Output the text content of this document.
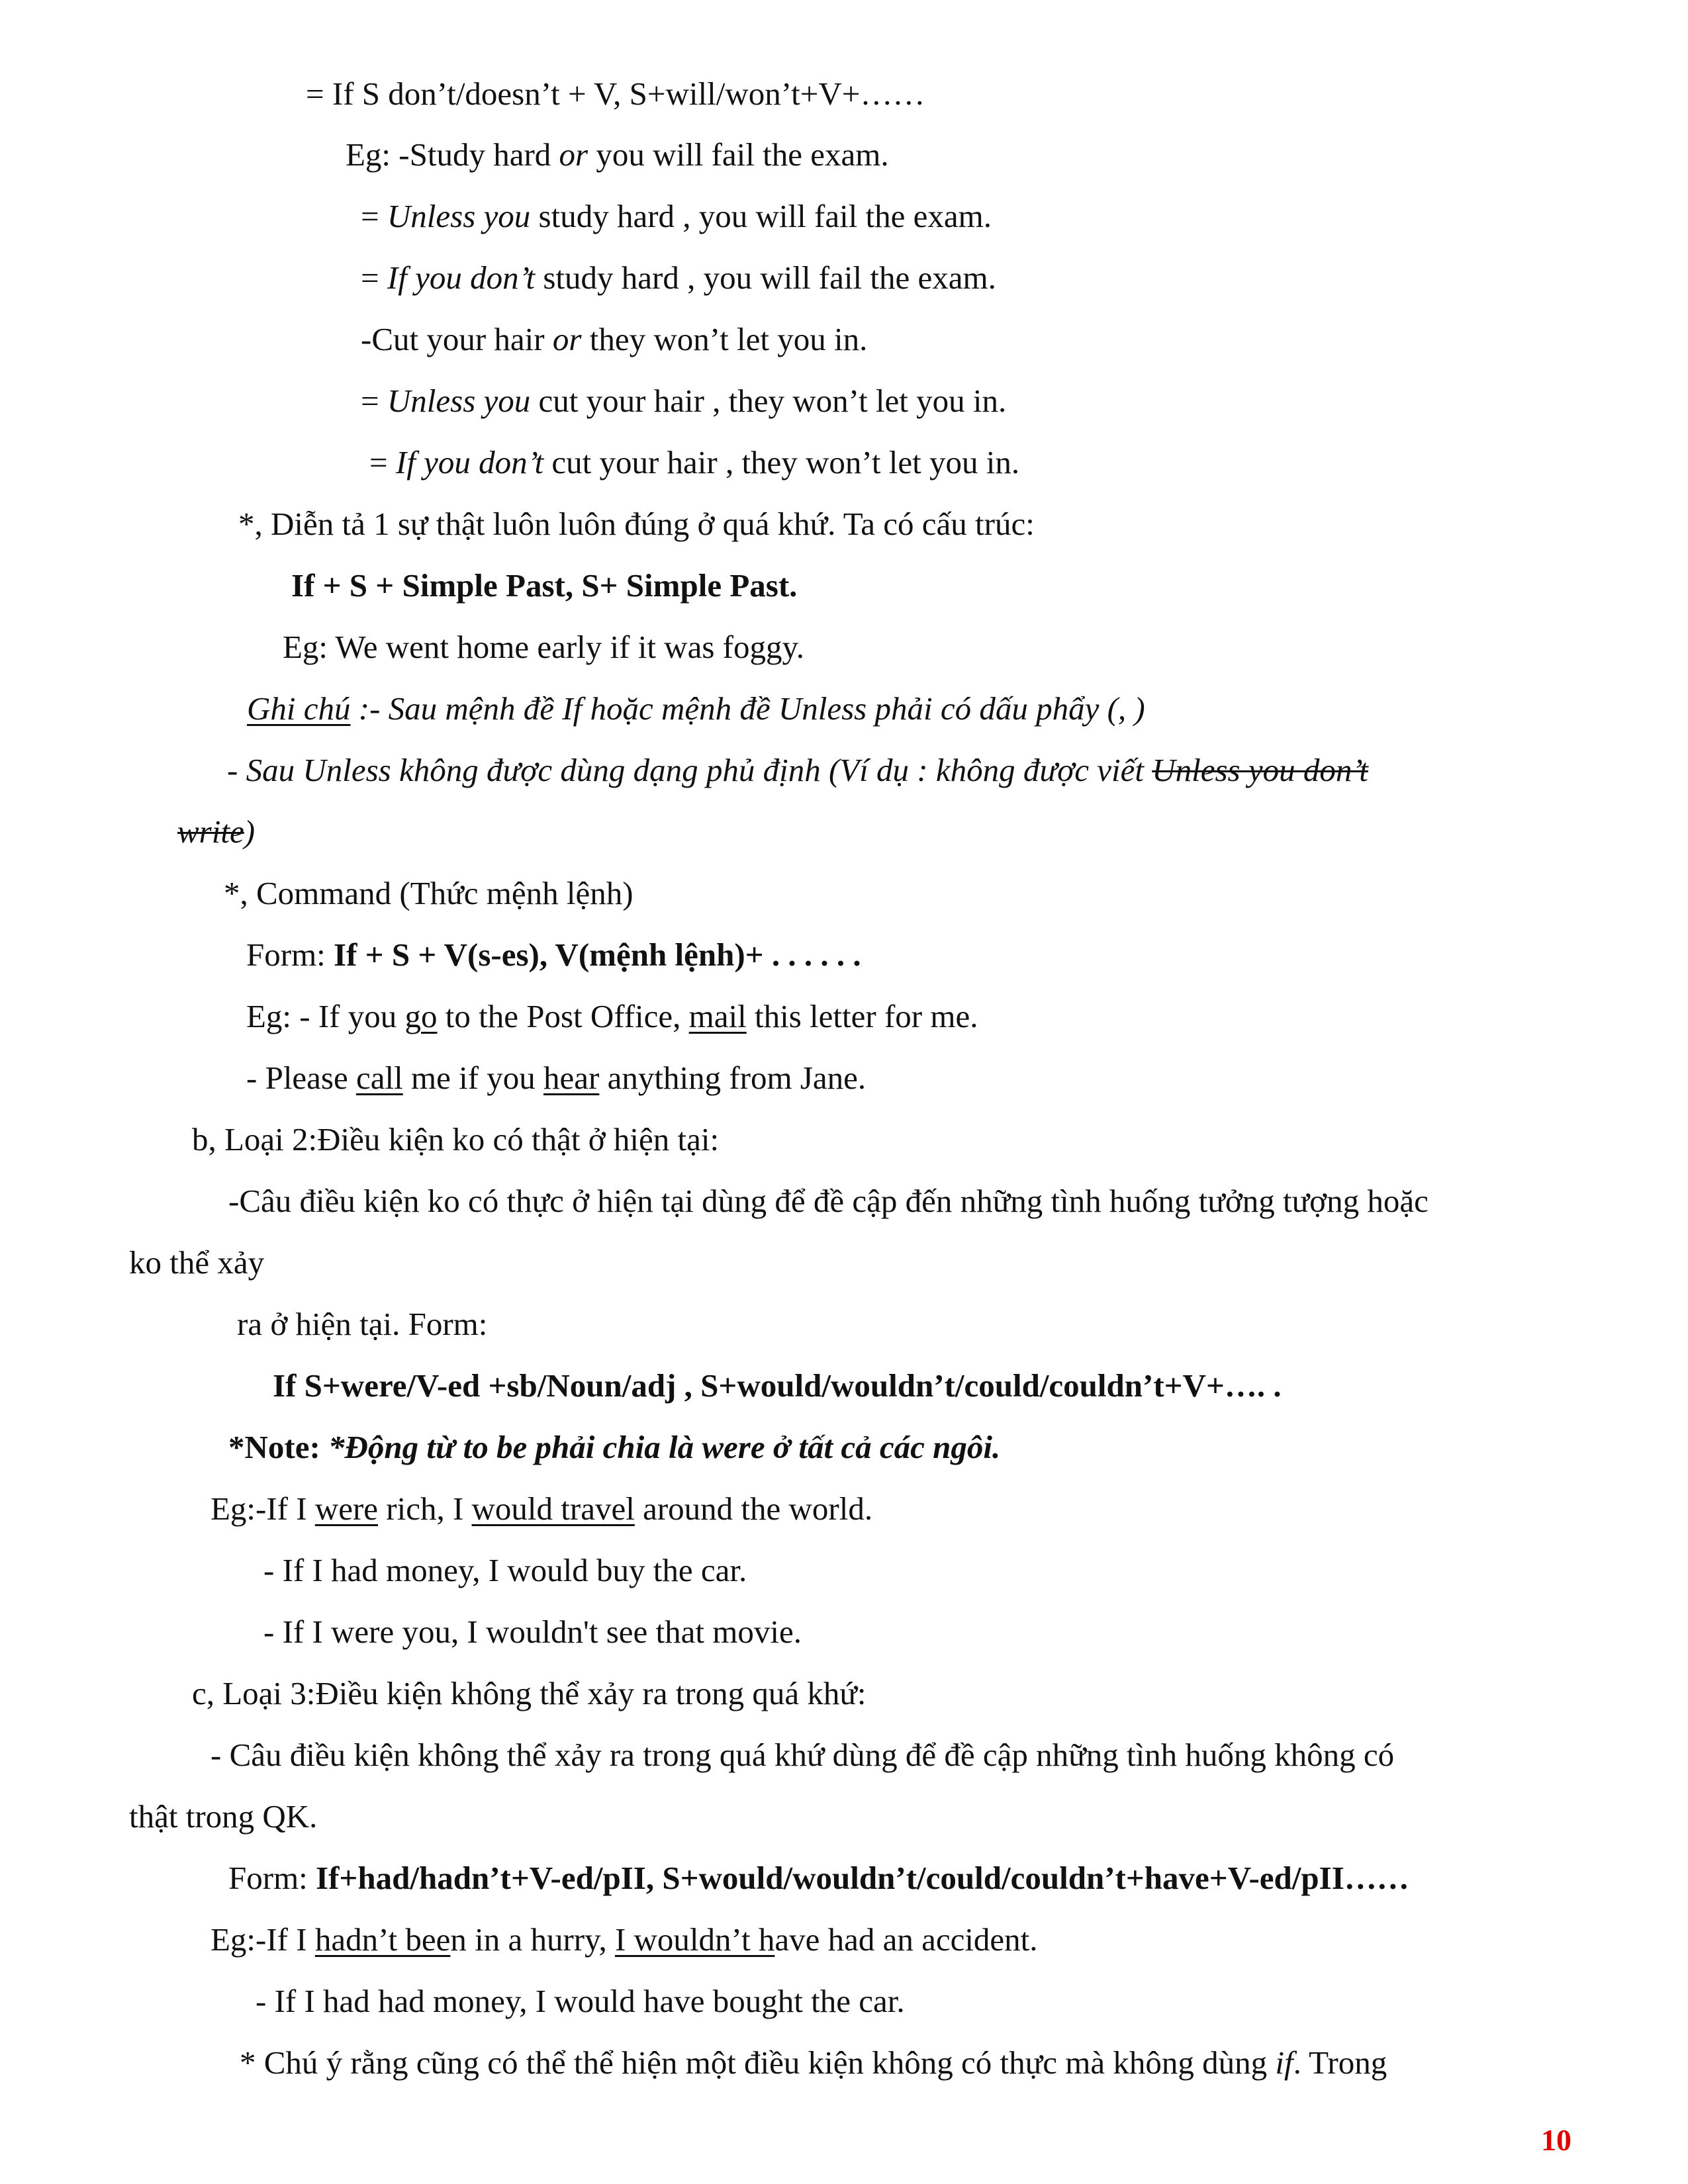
= If S don’t/doesn’t + V, S+will/won’t+V+……
Eg: -Study hard or you will fail the exam.
= Unless you study hard , you will fail the exam.
= If you don’t study hard , you will fail the exam.
-Cut your hair or they won’t let you in.
= Unless you cut your hair , they won’t let you in.
= If you don’t cut your hair , they won’t let you in.
*, Diễn tả 1 sự thật luôn luôn đúng ở quá khứ. Ta có cấu trúc:
If + S + Simple Past, S+ Simple Past.
Eg: We went home early if it was foggy.
Ghi chú :- Sau mệnh đề If hoặc mệnh đề Unless phải có dấu phẩy (, )
- Sau Unless không được dùng dạng phủ định (Ví dụ : không được viết Unless you don’t
write)
*, Command (Thức mệnh lệnh)
Form: If + S + V(s-es), V(mệnh lệnh)+ . . . . . .
Eg: - If you go to the Post Office, mail this letter for me.
- Please call me if you hear anything from Jane.
b, Loại 2:Điều kiện ko có thật ở hiện tại:
-Câu điều kiện ko có thực ở hiện tại dùng để đề cập đến những tình huống tưởng tượng hoặc
ko thể xảy
ra ở hiện tại. Form:
If S+were/V-ed +sb/Noun/adj , S+would/wouldn’t/could/couldn’t+V+…. .
*Note: *Động từ to be phải chia là were ở tất cả các ngôi.
Eg:-If I were rich, I would travel around the world.
- If I had money, I would buy the car.
- If I were you, I wouldn't see that movie.
c, Loại 3:Điều kiện không thể xảy ra trong quá khứ:
- Câu điều kiện không thể xảy ra trong quá khứ dùng để đề cập những tình huống không có
thật trong QK.
Form: If+had/hadn’t+V-ed/pII, S+would/wouldn’t/could/couldn’t+have+V-ed/pII……
Eg:-If I hadn’t been in a hurry, I wouldn’t have had an accident.
- If I had had money, I would have bought the car.
* Chú ý rằng cũng có thể thể hiện một điều kiện không có thực mà không dùng if. Trong
10
